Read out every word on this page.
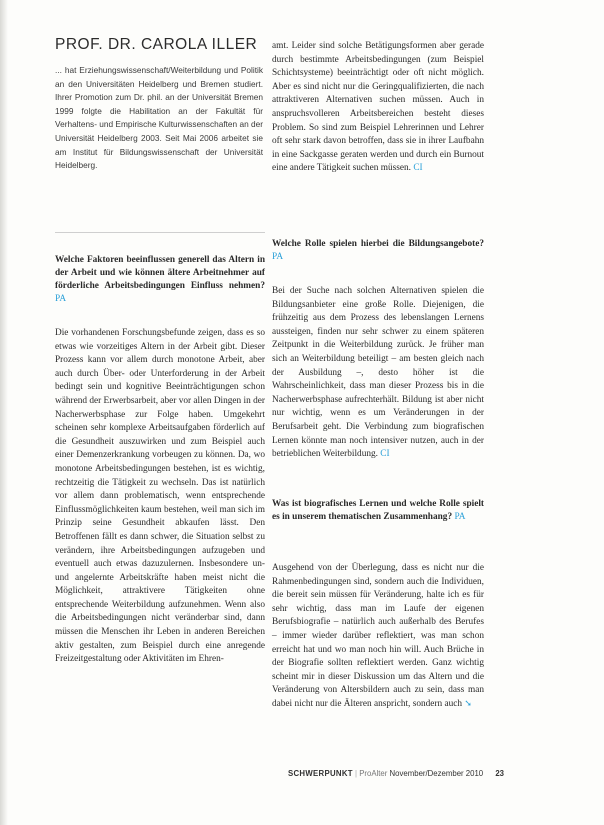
PROF. DR. CAROLA ILLER
... hat Erziehungswissenschaft/Weiterbildung und Politik an den Universitäten Heidelberg und Bremen studiert. Ihrer Promotion zum Dr. phil. an der Universität Bremen 1999 folgte die Habilitation an der Fakultät für Verhaltens- und Empirische Kulturwissenschaften an der Universität Heidelberg 2003. Seit Mai 2006 arbeitet sie am Institut für Bildungswissenschaft der Universität Heidelberg.

Welche Faktoren beeinflussen generell das Altern in der Arbeit und wie können ältere Arbeitnehmer auf förderliche Arbeitsbedingungen Einfluss nehmen? PA

Die vorhandenen Forschungsbefunde zeigen, dass es so etwas wie vorzeitiges Altern in der Arbeit gibt. Dieser Prozess kann vor allem durch monotone Arbeit, aber auch durch Über- oder Unterforderung in der Arbeit bedingt sein und kognitive Beeinträchtigungen schon während der Erwerbsarbeit, aber vor allen Dingen in der Nacherwerbsphase zur Folge haben. Umgekehrt scheinen sehr komplexe Arbeitsaufgaben förderlich auf die Gesundheit auszuwirken und zum Beispiel auch einer Demenzerkrankung vorbeugen zu können. Da, wo monotone Arbeitsbedingungen bestehen, ist es wichtig, rechtzeitig die Tätigkeit zu wechseln. Das ist natürlich vor allem dann problematisch, wenn entsprechende Einflussmöglichkeiten kaum bestehen, weil man sich im Prinzip seine Gesundheit abkaufen lässt. Den Betroffenen fällt es dann schwer, die Situation selbst zu verändern, ihre Arbeitsbedingungen aufzugeben und eventuell auch etwas dazuzulernen. Insbesondere un- und angelernte Arbeitskräfte haben meist nicht die Möglichkeit, attraktivere Tätigkeiten ohne entsprechende Weiterbildung aufzunehmen. Wenn also die Arbeitsbedingungen nicht veränderbar sind, dann müssen die Menschen ihr Leben in anderen Bereichen aktiv gestalten, zum Beispiel durch eine anregende Freizeitgestaltung oder Aktivitäten im Ehren-

amt. Leider sind solche Betätigungsformen aber gerade durch bestimmte Arbeitsbedingungen (zum Beispiel Schichtsysteme) beeinträchtigt oder oft nicht möglich. Aber es sind nicht nur die Geringqualifizierten, die nach attraktiveren Alternativen suchen müssen. Auch in anspruchsvolleren Arbeitsbereichen besteht dieses Problem. So sind zum Beispiel Lehrerinnen und Lehrer oft sehr stark davon betroffen, dass sie in ihrer Laufbahn in eine Sackgasse geraten werden und durch ein Burnout eine andere Tätigkeit suchen müssen. CI

Welche Rolle spielen hierbei die Bildungsangebote? PA

Bei der Suche nach solchen Alternativen spielen die Bildungsanbieter eine große Rolle. Diejenigen, die frühzeitig aus dem Prozess des lebenslangen Lernens aussteigen, finden nur sehr schwer zu einem späteren Zeitpunkt in die Weiterbildung zurück. Je früher man sich an Weiterbildung beteiligt – am besten gleich nach der Ausbildung –, desto höher ist die Wahrscheinlichkeit, dass man dieser Prozess bis in die Nacherwerbsphase aufrechterhält. Bildung ist aber nicht nur wichtig, wenn es um Veränderungen in der Berufsarbeit geht. Die Verbindung zum biografischen Lernen könnte man noch intensiver nutzen, auch in der betrieblichen Weiterbildung. CI

Was ist biografisches Lernen und welche Rolle spielt es in unserem thematischen Zusammenhang? PA

Ausgehend von der Überlegung, dass es nicht nur die Rahmenbedingungen sind, sondern auch die Individuen, die bereit sein müssen für Veränderung, halte ich es für sehr wichtig, dass man im Laufe der eigenen Berufsbiografie – natürlich auch außerhalb des Berufes – immer wieder darüber reflektiert, was man schon erreicht hat und wo man noch hin will. Auch Brüche in der Biografie sollten reflektiert werden. Ganz wichtig scheint mir in dieser Diskussion um das Altern und die Veränderung von Altersbildern auch zu sein, dass man dabei nicht nur die Älteren anspricht, sondern auch ➘

SCHWERPUNKT | ProAlter November/Dezember 2010 23
